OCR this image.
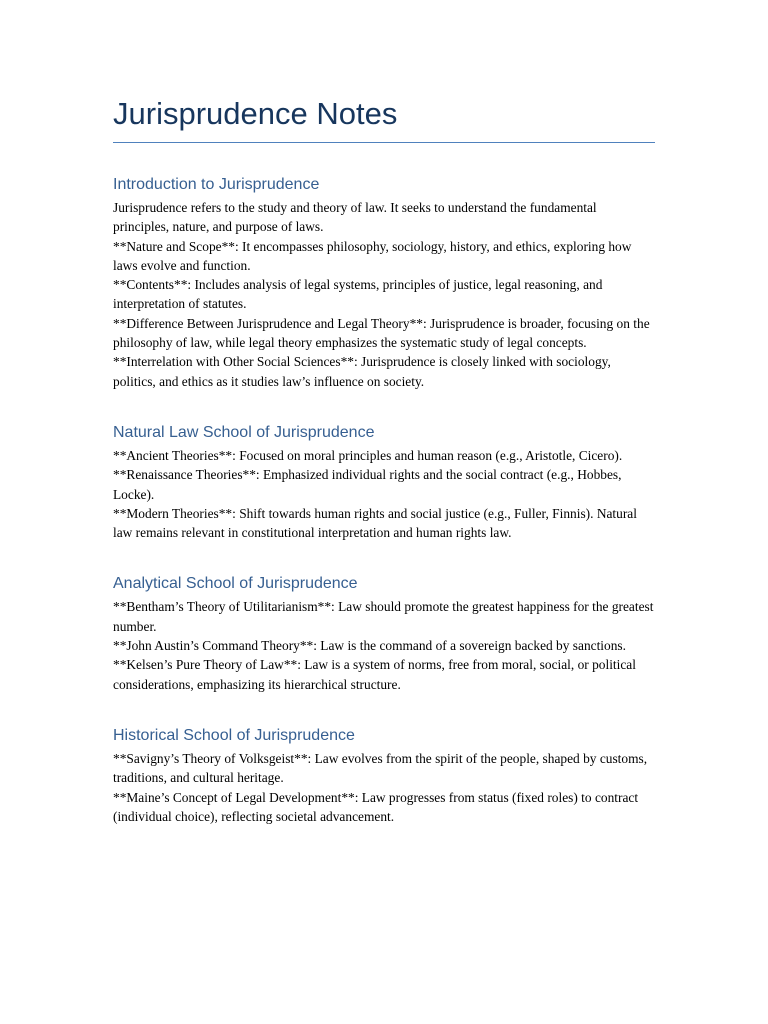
Jurisprudence Notes
Introduction to Jurisprudence

Jurisprudence refers to the study and theory of law. It seeks to understand the fundamental principles, nature, and purpose of laws.

**Nature and Scope**: It encompasses philosophy, sociology, history, and ethics, exploring how laws evolve and function.

**Contents**: Includes analysis of legal systems, principles of justice, legal reasoning, and interpretation of statutes.

**Difference Between Jurisprudence and Legal Theory**: Jurisprudence is broader, focusing on the philosophy of law, while legal theory emphasizes the systematic study of legal concepts.

**Interrelation with Other Social Sciences**: Jurisprudence is closely linked with sociology, politics, and ethics as it studies law’s influence on society.

Natural Law School of Jurisprudence

**Ancient Theories**: Focused on moral principles and human reason (e.g., Aristotle, Cicero).

**Renaissance Theories**: Emphasized individual rights and the social contract (e.g., Hobbes, Locke).

**Modern Theories**: Shift towards human rights and social justice (e.g., Fuller, Finnis). Natural law remains relevant in constitutional interpretation and human rights law.

Analytical School of Jurisprudence

**Bentham’s Theory of Utilitarianism**: Law should promote the greatest happiness for the greatest number.

**John Austin’s Command Theory**: Law is the command of a sovereign backed by sanctions.

**Kelsen’s Pure Theory of Law**: Law is a system of norms, free from moral, social, or political considerations, emphasizing its hierarchical structure.

Historical School of Jurisprudence

**Savigny’s Theory of Volksgeist**: Law evolves from the spirit of the people, shaped by customs, traditions, and cultural heritage.

**Maine’s Concept of Legal Development**: Law progresses from status (fixed roles) to contract (individual choice), reflecting societal advancement.
